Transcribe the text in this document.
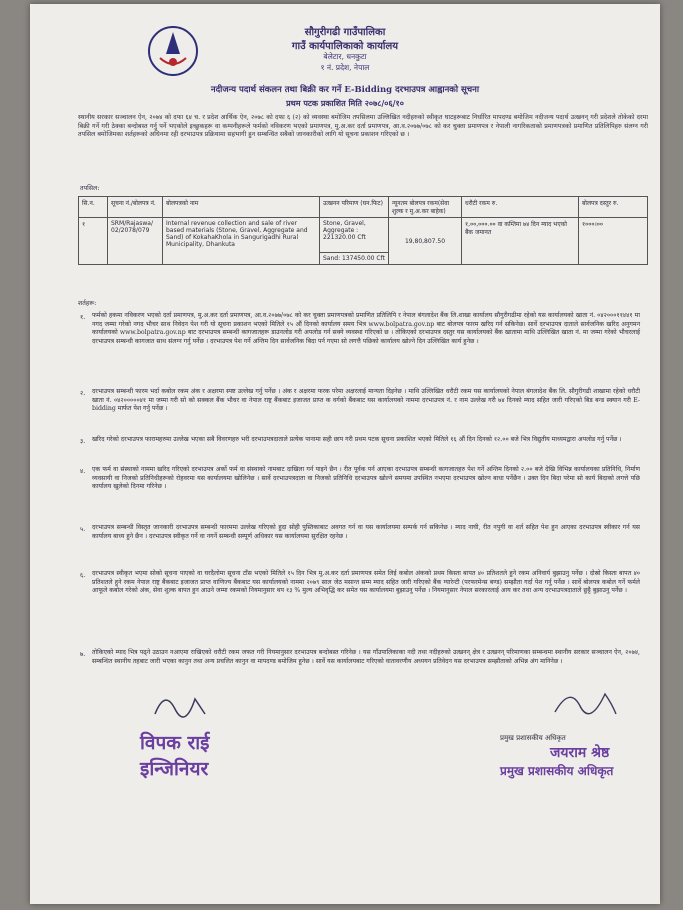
सौगुरीगढी गाउँपालिका
गाउँ कार्यपालिकाको कार्यालय
बेलेटार, धनकुटा
१ नं. प्रदेश, नेपाल
नदीजन्य पदार्थ संकलन तथा बिक्री कर गर्ने E-Bidding दरभाउपत्र आह्वानको सूचना
प्रथम पटक प्रकाशित मिति २०७८/०६/१०
स्थानीय सरकार सञ्चालन ऐन, २०७४ को दफा ६४ च. र प्रदेश आर्थिक ऐन, २०७८ को दफा ६ (२) को व्यवस्था बमोजिम तपसिलमा उल्लिखित नदीहरुको स्वीकृत घाटहरूबाट निर्धारित मापदण्ड बमोजिम नदीजन्य पदार्थ उत्खनन् गरी प्रदेशले तोकेको दरमा बिक्री गर्ने गरी ठेक्का बन्दोबस्त गर्नु पर्ने भएकोले इच्छुकहरू वा कम्पनीहरूले फर्मको नविकरण भएको प्रमाणपत्र, मु.अ.कर दर्ता प्रमाणपत्र, आ.व.२०७७/०७८ को कर चुक्ता प्रमाणपत्र र नेपाली नागरिकताको प्रमाणपत्रको प्रमाणित प्रतिलिपिहरु संलग्न गरी तपसिल बमोजिमका शर्तहरूको अधिनमा रही दरभाउपत्र प्रक्रियामा सहभागी हुन सम्बन्धित सबैको जानकारीको लागि यो सूचना प्रकाशन गरिएको छ ।
तपसिल:
सि.न.	सूचना नं./बोलपत्र नं.	बोलपत्रको नाम	उत्खनन परिमाण (घन.फिट)	न्यूनतम बोलपत्र रकम(सेवा शुल्क र मु.अ.कर बाहेक)	धरौटी रकम रु.	बोलपत्र दस्तुर रु.
१	SRM/Rajaswa/ 02/2078/079	Internal revenue collection and sale of river based materials (Stone, Gravel, Aggregate and Sand) of KokahaKhola in Sangurigadhi Rural Municipality, Dhankuta	Stone, Gravel, Aggregate : 221320.00 Cft	19,80,807.50	१,००,०००.०० वा कम्तिमा ७४ दिन म्याद भएको बैंक जमानत	१०००।००
			Sand: 137450.00 Cft			
शर्तहरू:
१. फर्मको हकमा नविकरण भएको दर्ता प्रमाणपत्र, मु.अ.कर दर्ता प्रमाणपत्र, आ.व.२०७७/०७८ को कर चुक्ता प्रमाणपत्रको प्रमाणित प्रतिलिपि र नेपाल बंगलादेश बैंक लि.शाखा कार्यालय सौगुरीगढीमा रहेको यस कार्यालयको खाता नं. ०४२०००११४४१ मा नगद जम्मा गरेको नगद भौचर साथ निवेदन पेश गरी यो सूचना प्रकाशन भएको मितिले १५ औं दिनको कार्यालय समय भित्र www.bolpatra.gov.np बाट बोलपत्र फारम खरिद गर्न सकिनेछ। सार्वे दरभाउपत्र दाताले सार्वजनिक खरिद अनुगमन कार्यालयको www.bolpatra.gov.np बाट दरभाउपत्र सम्बन्धी कागजातहरू डाउनलोड गरी अपलोड गर्न सक्ने व्यवस्था गरिएको छ । तोकिएको दरभाउपत्र दस्तुर यस कार्यालयको बैंक खातामा माथि उल्लिखित खाता नं. मा जम्मा गरेको भौचरलाई दरभाउपत्र सम्बन्धी कागजात साथ संलग्न गर्नु पर्नेछ । दरभाउपत्र पेश गर्ने अन्तिम दिन सार्वजनिक बिदा पर्न गएमा सो लगत्तै पछिको कार्यालय खोल्ने दिन उल्लिखित कार्य हुनेछ ।
२. दरभाउपत्र सम्बन्धी फारम भर्दा कबोल रकम अंक र अक्षरमा स्पष्ट उल्लेख गर्नु पर्नेछ । अंक र अक्षरमा फरक परेमा अक्षरलाई मान्यता दिइनेछ । माथि उल्लिखित धरौटी रकम यस कार्यालयको नेपाल बंगलादेश बैंक लि. सौगुरीगढी शाखामा रहेको धरौटी खाता नं. ०४२०००००४१ मा जम्मा गरी सो को सक्कल बैंक भौचर वा नेपाल राष्ट्र बैंकबाट इजाजत प्राप्त क वर्गको बैंकबाट यस कार्यालयको नाममा दरभाउपत्र नं. र नाम उल्लेख गरी ७४ दिनको म्याद सहित जारी गरिएको बिड बन्ड स्क्यान गरी E-bidding मार्फत पेश गर्नु पर्नेछ ।
३. खरिद गरेको दरभाउपत्र फारामहरुमा उल्लेख भएका सबै विवरणहरु भरी दरभाउपत्रदाताले प्रत्येक पानामा सही छाप गरी प्रथम पटक सूचना प्रकाशित भएको मितिले १६ औं दिन दिनको १२.०० बजे भित्र विद्युतीय माध्यमद्वारा अपलोड गर्नु पर्नेछ ।
४. एक फर्म वा संस्थाको नाममा खरिद गरिएको दरभाउपत्र अर्को फर्म वा संस्थाको नामबाट दाखिला गर्न पाइने छैन । रीत पूर्वक पर्न आएका दरभाउपत्र सम्बन्धी कागजातहरु पेश गर्ने अन्तिम दिनको २.०० बजे देखि विभिन्न कार्यालयका प्रतिनिधि, निर्माण व्यवसायी वा निजको प्रतिनिधीहरूको रोहवरमा यस कार्यालयमा खोलिनेछ । सार्वे दरभाउपत्रदाता वा निजको प्रतिनिधि दरभाउपत्र खोल्ने समयमा उपस्थित नभएमा दरभाउपत्र खोल्न बाधा पर्नेछैन । उक्त दिन बिदा परेमा सो कार्य बिदाको लगत्ते पछि कार्यालय खुलेको दिनमा गरिनेछ ।
५. दरभाउपत्र सम्बन्धी विस्तृत जानकारी दरभाउपत्र सम्बन्धी फारममा उल्लेख गरिएको हुदा सोही पुस्तिकाबाट अवगत गर्न वा यस कार्यालयमा सम्पर्क गर्न सकिनेछ । म्याद नाघी, रीत नपुगी वा शर्त सहित पेश हुन आएका दरभाउपत्र स्वीकार गर्न यस कार्यालय बाध्य हुने छैन । दरभाउपत्र स्वीकृत गर्ने वा नगर्ने सम्बन्धी सम्पूर्ण अधिकार यस कार्यालयमा सुरक्षित रहनेछ ।
६. दरभाउपत्र स्वीकृत भएमा सोको सूचना पाएको वा घरदैलोमा सूचना टाँस भएको मितिले १५ दिन भित्र मु.अ.कर दर्ता प्रमाणपत्र समेत लिई कबोल अंकको प्रथम किस्ता बापत ४० प्रतिशतले हुने रकम अनिवार्य बुझाउनु पर्नेछ । दोस्रो किस्ता बापत ४० प्रतिशतले हुने रकम नेपाल राष्ट्र बैंकबाट इजाजत प्राप्त वाणिज्य बैंकबाट यस कार्यालयको नाममा २०७९ साल जेठ मसान्त सम्म म्याद सहित जारी गरिएको बैंक ग्यारेन्टी (परफरमेन्स बण्ड) सम्झौता गर्दा पेश गर्नु पर्नेछ । सार्वे बोलपत्र कबोल गर्ने फर्मले आफूले कबोल गरेको अंक, सेवा शुल्क बापत हुन आउने जम्मा रकमको नियमानुसार थप १३ % मुल्य अभिवृद्धि कर समेत यस कार्यालयमा बुझाउनु पर्नेछ । नियमानुसार नेपाल सरकारलाई आय कर तथा अन्य दरभाउपत्रदाताले छुट्टै बुझाउनु पर्नेछ ।
७. तोकिएको म्याद भित्र पढ्ने उठाउन नआएमा राखिएको धरौटी रकम जफत गरी नियमानुसार दरभाउपत्र बन्दोबस्त गरिनेछ । यस गाँउपालिकाका नदी तथा नदीहरुको उत्खनन् क्षेत्र र उत्खनन् परिमाणका सम्बन्धमा स्थानीय सरकार सञ्चालन ऐन, २०७४, सम्बन्धित स्थानीय तहबाट जारी भएका कानुन तथा अन्य प्रचलित कानुन वा मापदण्ड बमोजिम हुनेछ । सार्वे यस कार्यालयबाट गरिएको वातावरणीय अध्ययन प्रतिवेदन यस दरभाउपत्र सम्झौताको अभिन्न अंग मानिनेछ ।
विपक राई
इन्जिनियर
प्रमुख प्रशासकीय अधिकृत
जयराम श्रेष्ठ
प्रमुख प्रशासकीय अधिकृत
